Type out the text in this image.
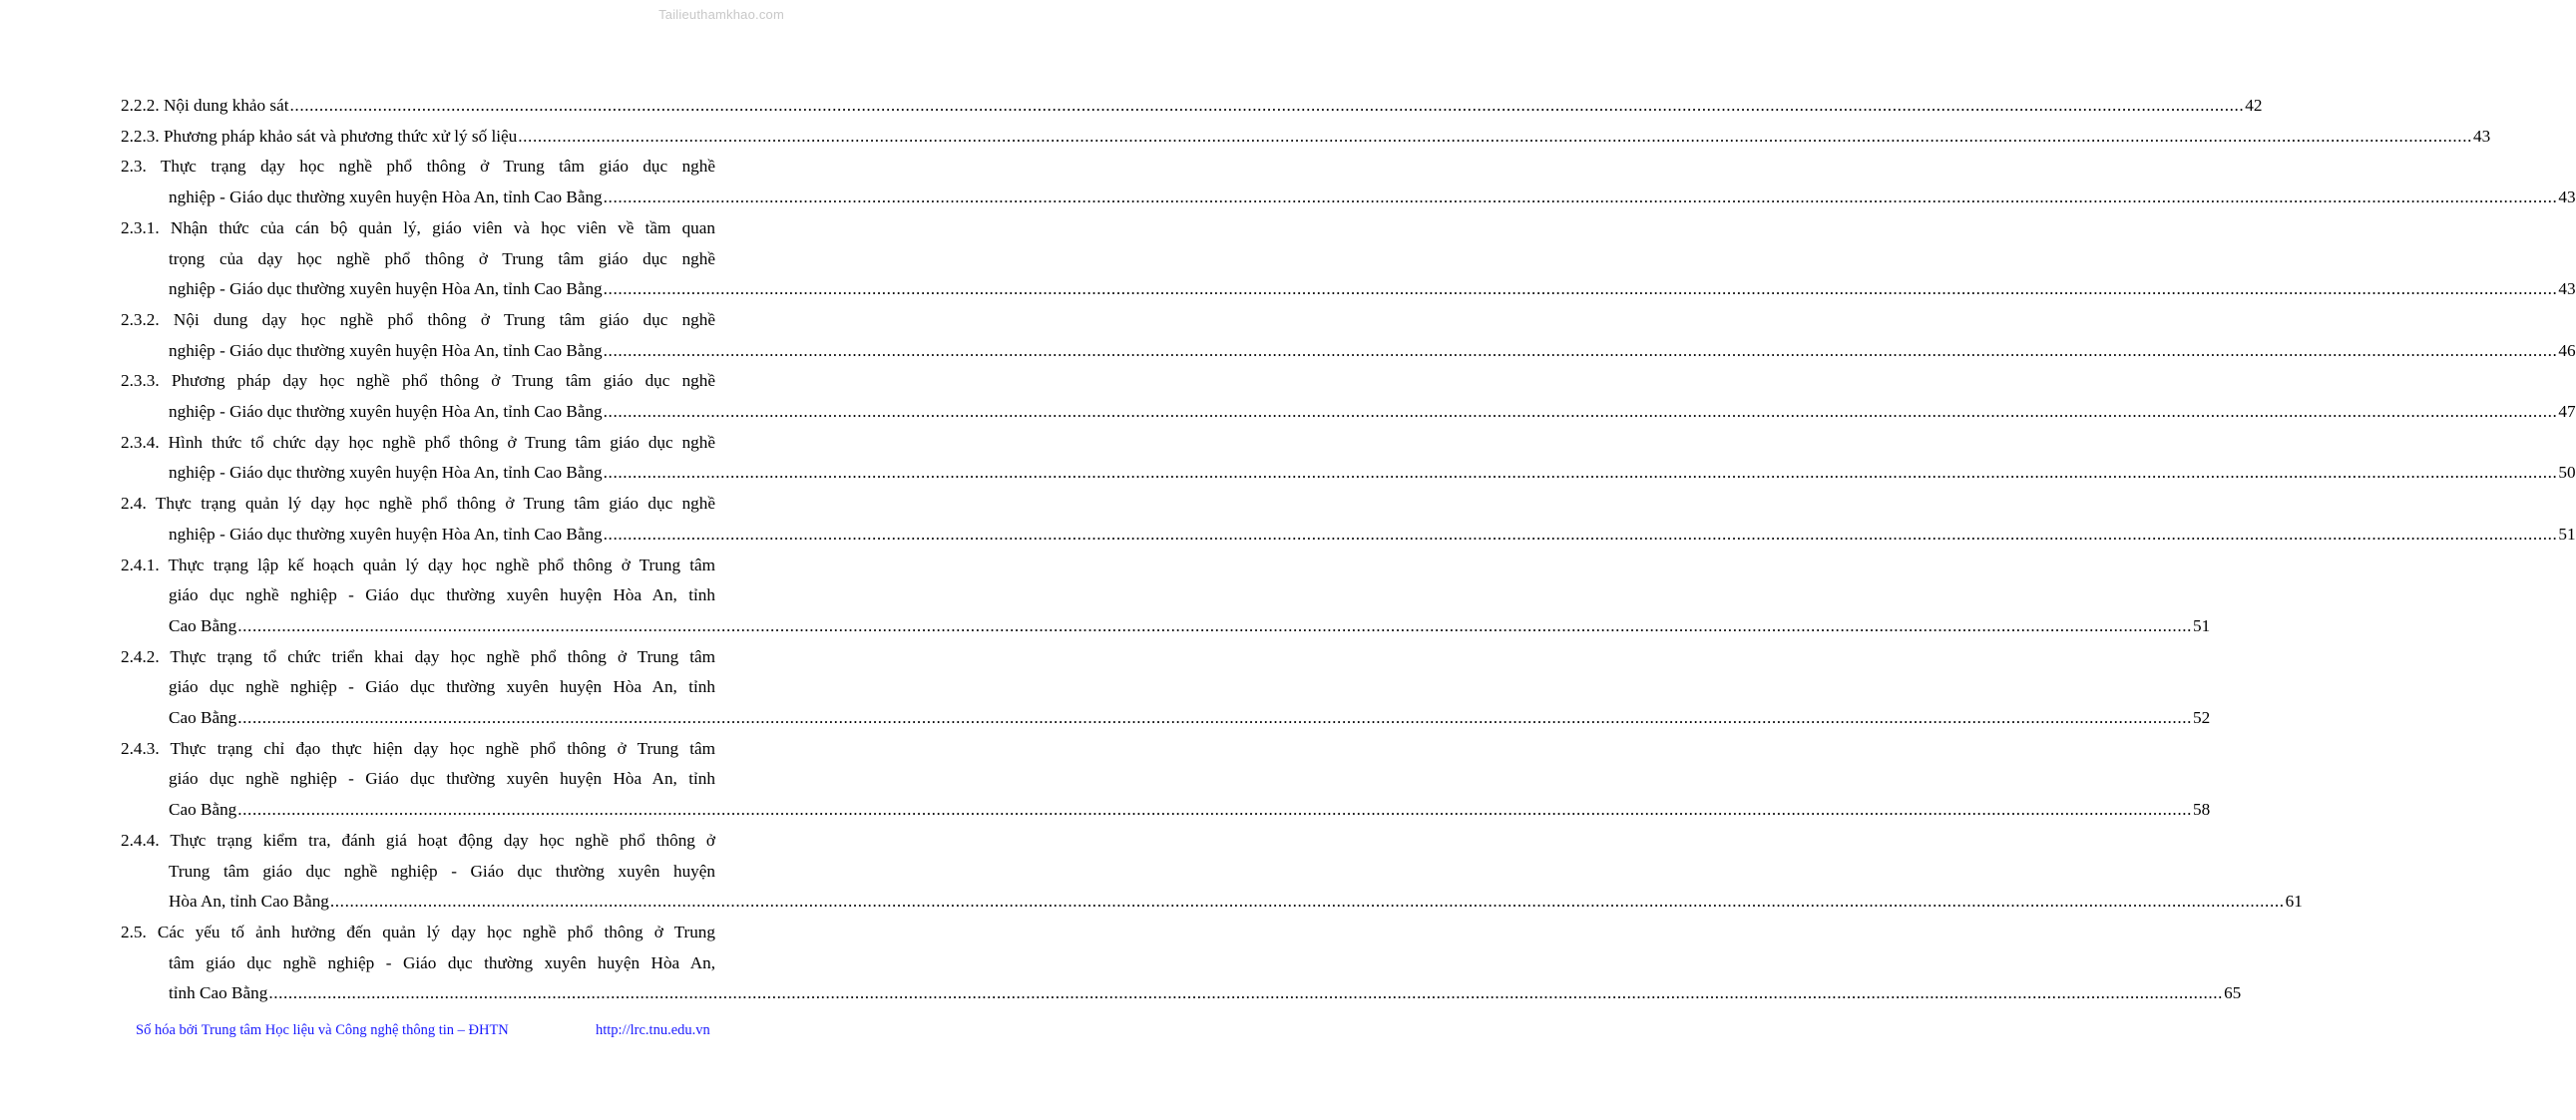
Tailieuthamkhao.com
2.2.2. Nội dung khảo sát ................................................................................................................................................................................................................................................................................................................................................................................................................ 42
2.2.3. Phương pháp khảo sát và phương thức xử lý số liệu ................................................................................................................................................................................................................................................................................................................................................................................................................ 43
2.3. Thực trạng dạy học nghề phổ thông ở Trung tâm giáo dục nghề
nghiệp - Giáo dục thường xuyên huyện Hòa An, tỉnh Cao Bằng ................................................................................................................................................................................................................................................................................................................................................................................................................ 43
2.3.1. Nhận thức của cán bộ quản lý, giáo viên và học viên về tầm quan
trọng của dạy học nghề phổ thông ở Trung tâm giáo dục nghề
nghiệp - Giáo dục thường xuyên huyện Hòa An, tỉnh Cao Bằng ................................................................................................................................................................................................................................................................................................................................................................................................................ 43
2.3.2. Nội dung dạy học nghề phổ thông ở Trung tâm giáo dục nghề
nghiệp - Giáo dục thường xuyên huyện Hòa An, tỉnh Cao Bằng ................................................................................................................................................................................................................................................................................................................................................................................................................ 46
2.3.3. Phương pháp dạy học nghề phổ thông ở Trung tâm giáo dục nghề
nghiệp - Giáo dục thường xuyên huyện Hòa An, tỉnh Cao Bằng ................................................................................................................................................................................................................................................................................................................................................................................................................ 47
2.3.4. Hình thức tổ chức dạy học nghề phổ thông ở Trung tâm giáo dục nghề
nghiệp - Giáo dục thường xuyên huyện Hòa An, tỉnh Cao Bằng ................................................................................................................................................................................................................................................................................................................................................................................................................ 50
2.4. Thực trạng quản lý dạy học nghề phổ thông ở Trung tâm giáo dục nghề
nghiệp - Giáo dục thường xuyên huyện Hòa An, tỉnh Cao Bằng ................................................................................................................................................................................................................................................................................................................................................................................................................ 51
2.4.1. Thực trạng lập kế hoạch quản lý dạy học nghề phổ thông ở Trung tâm
giáo dục nghề nghiệp - Giáo dục thường xuyên huyện Hòa An, tỉnh
Cao Bằng ................................................................................................................................................................................................................................................................................................................................................................................................................ 51
2.4.2. Thực trạng tổ chức triển khai dạy học nghề phổ thông ở Trung tâm
giáo dục nghề nghiệp - Giáo dục thường xuyên huyện Hòa An, tỉnh
Cao Bằng ................................................................................................................................................................................................................................................................................................................................................................................................................ 52
2.4.3. Thực trạng chỉ đạo thực hiện dạy học nghề phổ thông ở Trung tâm
giáo dục nghề nghiệp - Giáo dục thường xuyên huyện Hòa An, tỉnh
Cao Bằng ................................................................................................................................................................................................................................................................................................................................................................................................................ 58
2.4.4. Thực trạng kiểm tra, đánh giá hoạt động dạy học nghề phổ thông ở
Trung tâm giáo dục nghề nghiệp - Giáo dục thường xuyên huyện
Hòa An, tỉnh Cao Bằng ................................................................................................................................................................................................................................................................................................................................................................................................................ 61
2.5. Các yếu tố ảnh hưởng đến quản lý dạy học nghề phổ thông ở Trung
tâm giáo dục nghề nghiệp - Giáo dục thường xuyên huyện Hòa An,
tỉnh Cao Bằng ................................................................................................................................................................................................................................................................................................................................................................................................................ 65
Số hóa bởi Trung tâm Học liệu và Công nghệ thông tin – ĐHTN	http://lrc.tnu.edu.vn
